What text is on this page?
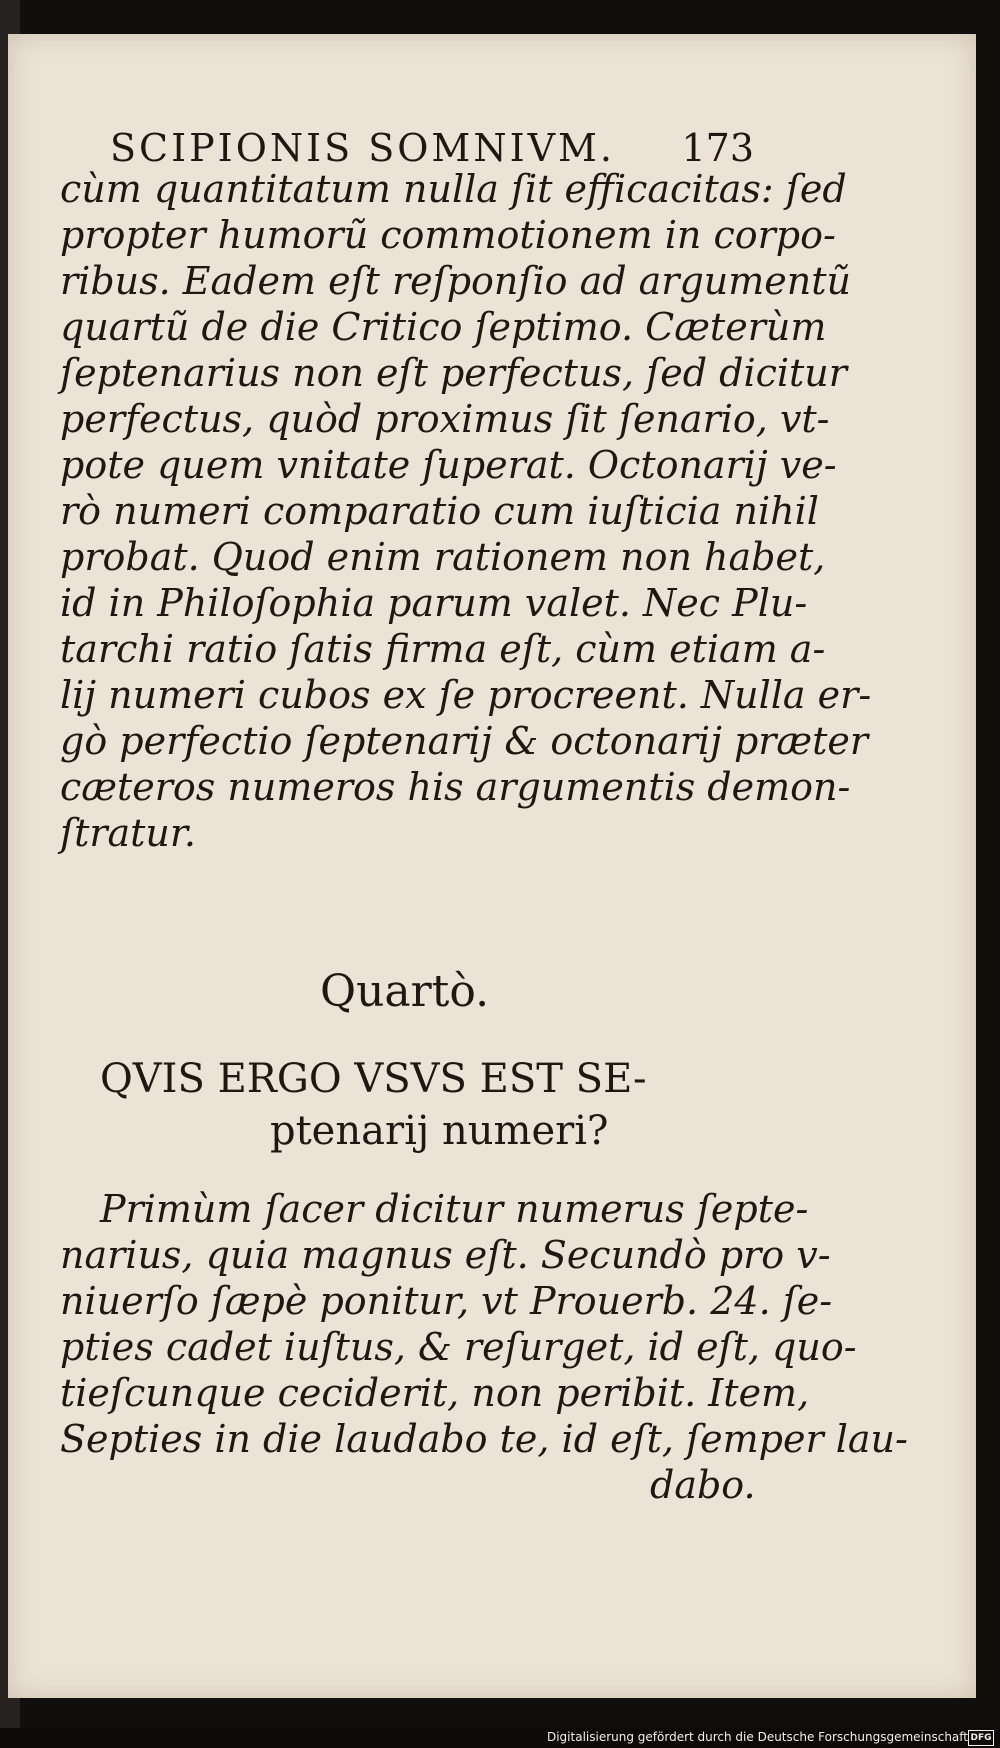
SCIPIONIS SOMNIVM. 173
cùm quantitatum nulla ſit efficacitas: ſed
propter humorũ commotionem in corpo-
ribus. Eadem eſt reſponſio ad argumentũ
quartũ de die Critico ſeptimo. Cæterùm
ſeptenarius non eſt perfectus, ſed dicitur
perfectus, quòd proximus ſit ſenario, vt-
pote quem vnitate ſuperat. Octonarij ve-
rò numeri comparatio cum iuſticia nihil
probat. Quod enim rationem non habet,
id in Philoſophia parum valet. Nec Plu-
tarchi ratio ſatis firma eſt, cùm etiam a-
lij numeri cubos ex ſe procreent. Nulla er-
gò perfectio ſeptenarij & octonarij præter
cæteros numeros his argumentis demon-
ſtratur.
Quartò.
QVIS ERGO VSVS EST SE-
ptenarij numeri?
Primùm ſacer dicitur numerus ſepte-
narius, quia magnus eſt. Secundò pro v-
niuerſo ſæpè ponitur, vt Prouerb. 24. ſe-
pties cadet iuſtus, & reſurget, id eſt, quo-
tieſcunque ceciderit, non peribit. Item,
Septies in die laudabo te, id eſt, ſemper lau-
dabo.
Digitalisierung gefördert durch die Deutsche Forschungsgemeinschaft DFG
